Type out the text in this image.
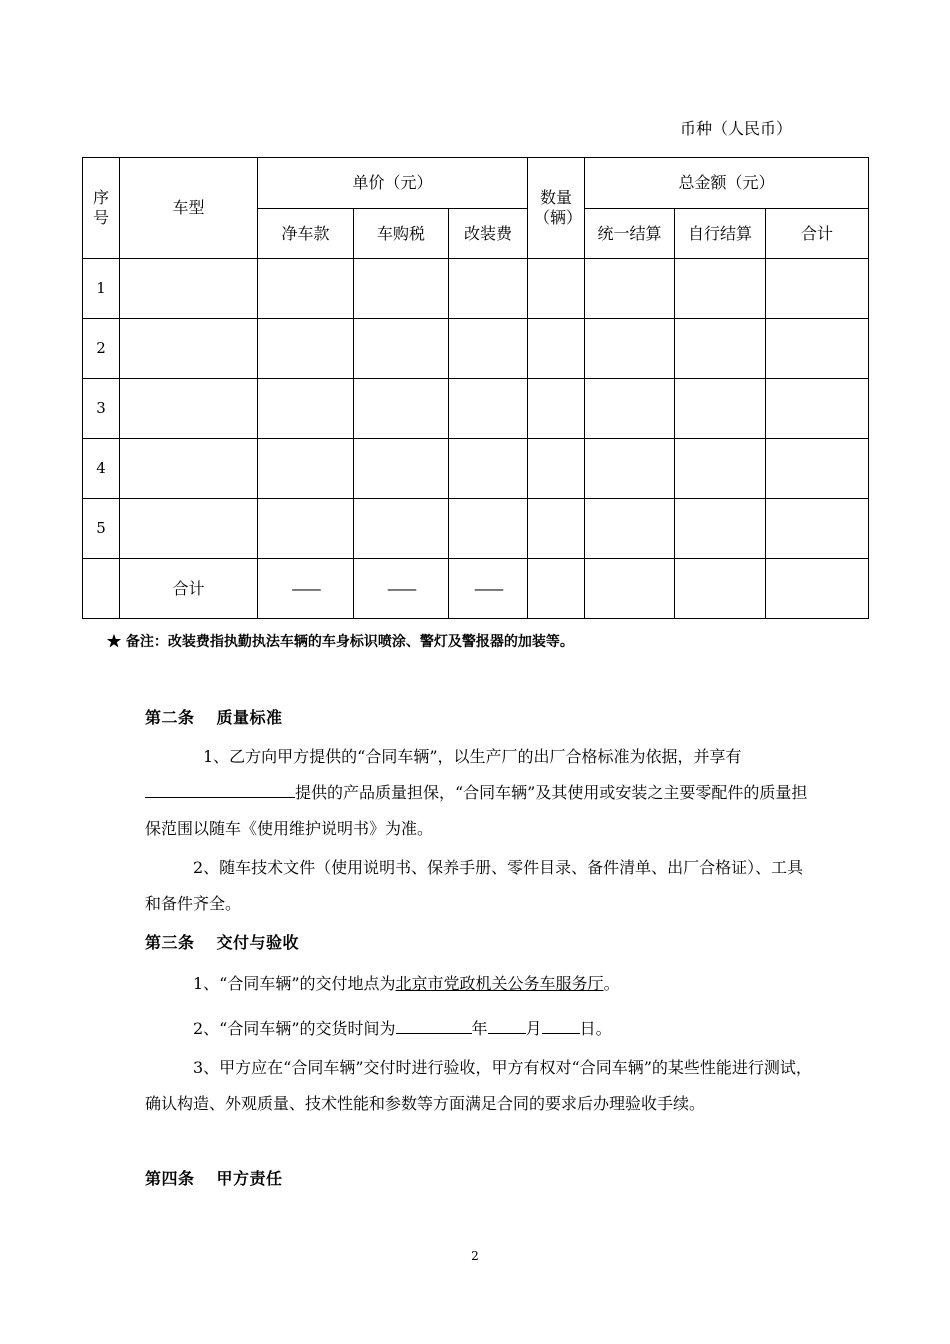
币种（人民币）
序号	车型	单价（元）			数量（辆）	总金额（元）		
		净车款	车购税	改装费		统一结算	自行结算	合计
1								
2								
3								
4								
5								
	合计	——	——	——				
★ 备注：改装费指执勤执法车辆的车身标识喷涂、警灯及警报器的加装等。
第二条 质量标准
1、乙方向甲方提供的“合同车辆”，以生产厂的出厂合格标准为依据，并享有提供的产品质量担保，“合同车辆”及其使用或安装之主要零配件的质量担保范围以随车《使用维护说明书》为准。
2、随车技术文件（使用说明书、保养手册、零件目录、备件清单、出厂合格证）、工具和备件齐全。
第三条 交付与验收
1、“合同车辆”的交付地点为北京市党政机关公务车服务厅。
2、“合同车辆”的交货时间为	年 月 日。
3、甲方应在“合同车辆”交付时进行验收，甲方有权对“合同车辆”的某些性能进行测试，确认构造、外观质量、技术性能和参数等方面满足合同的要求后办理验收手续。
第四条 甲方责任
2
